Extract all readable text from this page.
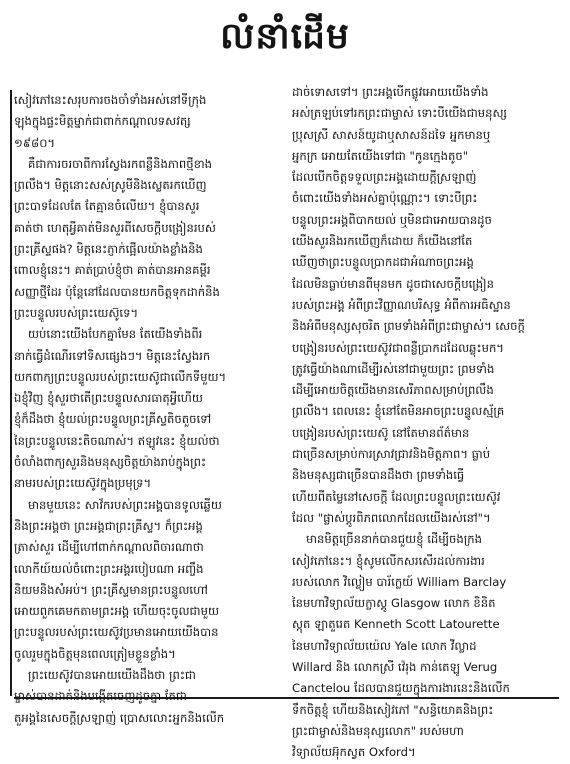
លំនាំដើម
សៀវភៅនេះសរុបការចងចាំទាំងអស់នៅទីក្រុង
ឡុងក្នុងផ្ទះមិត្តម្នាក់ជាពាក់កណ្តាលទសវត្ស
១៩៨០។
គឺជាការចរចាពីការស្វែងរកពន្លឺនិងភាពថ្មីខាង
ព្រលឹង។ មិត្តនោះសស់ស្រូមីនិងស្លេតរកឃើញ
ព្រះបាទដែលតែ តែគ្មានចំលើយ។ ខ្ញុំបានសួរ
គាត់ថា ហេតុអ្វីគាត់មិនសួរពីសេចក្តីបង្រៀនរបស់
ព្រះគ្រីស្ទផង? មិត្តនេះភ្ញាក់ផ្អើលយ៉ាងខ្លាំងនិង
ពោលខ្ញុំនេះ។ គាត់ប្រាប់ខ្ញុំថា គាត់បានអានគម្ពីរ
សញ្ញាថ្មីដែរ ប៉ុន្តែនៅដែលបានយកចិត្តទុកដាក់និង
ព្រះបន្ទូលរបស់ព្រះយេស៊ូទេ។
យប់នោះយើងបែកគ្នាមែន តែយើងទាំងពីរ
នាក់ធ្វើដំណើរទៅទិសផ្សេងៗ។ មិត្តនេះស្វែងរក
យកពាក្យព្រះបន្ទូលរបស់ព្រះយេស៊ូជាលើកទីមួយ។
ឯខ្ញុំវិញ ខ្ញុំសួរថាតើព្រះបន្ទូលសារធាតុអ្វីហើយ
ខ្ញុំក៏ដឹងថា ខ្ញុំយល់ព្រះបន្ទូលព្រះគ្រីស្ទតិចតួចទៅ
នៃព្រះបន្ទូលនេះតិចណាស់។ ឥឡូវនេះ ខ្ញុំយល់ថា
ចំលាំងពាក្យសួរនិងមនុស្សចិត្តយ៉ាងរាប់ក្នុងព្រះ
នាមរបស់ព្រះយេស៊ូវក្នុងប្រមុទ្រ។
មានមួយនេះ សាវ័ករបស់ព្រះអង្គបានទូលឆ្លើយ
និងព្រះអង្គថា ព្រះអង្គជាព្រះគ្រីស្ទ។ ក៏ព្រះអង្គ
ត្រាស់សួរ ដើម្បីហៅពាក់កណ្តាលពិចារណាថា
លោកីយ៍យល់ចំពោះព្រះអង្គរបៀបណា អញ្ចឹង
និយមនិងសំអប់។ ព្រះគ្រីស្ទមានព្រះបន្ទូលហៅ
អោយពួកគេមកតាមព្រះអង្គ ហើយចុះចូលជាមួយ
ព្រះបន្ទូលរបស់ព្រះយេស៊ូវប្រមានអោយយើងបាន
ចូលរួមក្នុងចិត្តមុនពេលត្រៀមខ្លួនខ្លាំង។
ព្រះយេស៊ូវបានអោយយើងដឹងថា ព្រះជា
ម្ចាស់បានដាក់និងបង្កើតចេញដូចគ្នា តែជា
តួអង្គនៃសេចក្តីស្រឡាញ់ ប្រោសលោះអ្នកនិងលើក
ដាច់ទោសទៅ។ ព្រះអង្គបើកផ្លូវអោយយើងទាំង
អស់ត្រឡប់ទៅរកព្រះជាម្ចាស់ ទោះបីយើងជាមនុស្ស
ប្រុសស្រី សាសន៍យូដាឬសាសន៍ដទៃ អ្នកមានឬ
អ្នកក្រ អោយតែយើងទៅជា "កូនក្មេងតូច"
ដែលបើកចិត្តទទួលព្រះអង្គដោយក្តីស្រឡាញ់
ចំពោះយើងទាំងអស់គ្នាប៉ុណ្ណោះ។ ទោះបីព្រះ
បន្ទូលព្រះអង្គពិបាកយល់ ឬមិនជាអោយបានដូច
យើងសួរនិងរកឃើញក៏ដោយ ក៏យើងនៅតែ
ឃើញថាព្រះបន្ទូលប្រាកដជាអំណាចព្រះអង្គ
ដែលមិនធ្លាប់មានពីមុនមក ដូចជាសេចក្តីបង្រៀន
របស់ព្រះអង្គ អំពីព្រះវិញ្ញាណបរិសុទ្ធ អំពីការអធិស្ឋាន
និងអំពីមនុស្សសុចរិត ព្រមទាំងអំពីព្រះជាម្ចាស់។ សេចក្តី
បង្រៀនរបស់ព្រះយេស៊ូវជាពន្លឺប្រាកដដែលឆ្លុះមក។
ត្រូវធ្វើយ៉ាងណាដើម្បីរស់នៅជាមួយព្រះ ព្រមទាំង
ដើម្បីអោយចិត្តយើងមានសេរីភាពសម្រាប់ព្រលឹង
ព្រលឹង។ ពេលនេះ ខ្ញុំនៅតែមិនអាចព្រះបន្ទូលស្ម័គ្រ
បង្រៀនរបស់ព្រះយេស៊ូ នៅតែមានព័ត៌មាន
ជាច្រើនសម្រាប់ការស្រាវជ្រាវនិងមិត្តភាព។ ធ្លាប់
និងមនុស្សជាច្រើនបានដឹងថា ព្រមទាំងធ្វើ
ហើយពីតម្លៃនៅសេចក្តី ដែលព្រះបន្ទូលព្រះយេស៊ូវ
ដែល "ផ្លាស់ប្តូរពិភពលោកដែលយើងរស់នៅ"។
មានមិត្តច្រើននាក់បានជួយខ្ញុំ ដើម្បីចងក្រង
សៀវភៅនេះ។ ខ្ញុំសូមលើកសរសើរដល់ការងារ
របស់លោក វិល្លៀម បារ័ក្លេយ៍ William Barclay
នៃមហាវិទ្យាល័យក្លាស្គូ Glasgow លោក ខិនិត
ស្កុត ឡាតួរេត Kenneth Scott Latourette
នៃមហាវិទ្យាល័យយ៉េល Yale លោក វីល្លាដ
Willard និង លោកស្រី វ៉េរុង កាន់តេឡូ Verug
Canctelou ដែលបានជួយក្នុងការងារនេះនិងលើក
ទឹកចិត្តខ្ញុំ ហើយនិងសៀវភៅ "សន្ធិយោគនិងព្រះ
ព្រះជាម្ចាស់និងមនុស្សលោក" របស់មហា
វិទ្យាល័យអ៊ុកស្វត Oxford។
